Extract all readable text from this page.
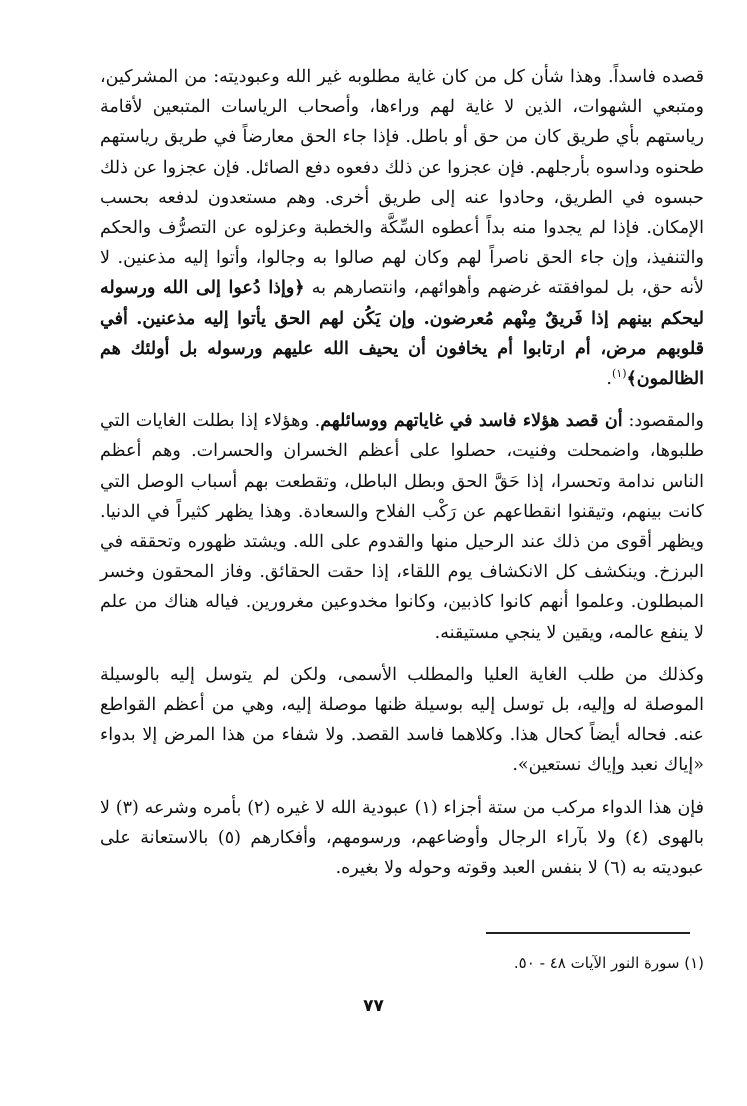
قصده فاسداً. وهذا شأن كل من كان غاية مطلوبه غير الله وعبوديته: من المشركين، ومتبعي الشهوات، الذين لا غاية لهم وراءها، وأصحاب الرياسات المتبعين لأقامة رياستهم بأي طريق كان من حق أو باطل. فإذا جاء الحق معارضاً في طريق رياستهم طحنوه وداسوه بأرجلهم. فإن عجزوا عن ذلك دفعوه دفع الصائل. فإن عجزوا عن ذلك حبسوه في الطريق، وحادوا عنه إلى طريق أخرى. وهم مستعدون لدفعه بحسب الإمكان. فإذا لم يجدوا منه بداً أعطوه السِّكَّة والخطبة وعزلوه عن التصرُّف والحكم والتنفيذ، وإن جاء الحق ناصراً لهم وكان لهم صالوا به وجالوا، وأتوا إليه مذعنين. لا لأنه حق، بل لموافقته غرضهم وأهوائهم، وانتصارهم به ﴿وإذا دُعوا إلى الله ورسوله ليحكم بينهم إذا فَريقٌ مِنْهم مُعرضون. وإن يَكُن لهم الحق يأتوا إليه مذعنين. أفي قلوبهم مرض، أم ارتابوا أم يخافون أن يحيف الله عليهم ورسوله بل أولئك هم الظالمون﴾$^{(١)}$.

والمقصود: أن قصد هؤلاء فاسد في غاياتهم ووسائلهم. وهؤلاء إذا بطلت الغايات التي طلبوها، واضمحلت وفنيت، حصلوا على أعظم الخسران والحسرات. وهم أعظم الناس ندامة وتحسرا، إذا حَقَّ الحق وبطل الباطل، وتقطعت بهم أسباب الوصل التي كانت بينهم، وتيقنوا انقطاعهم عن رَكْب الفلاح والسعادة. وهذا يظهر كثيراً في الدنيا. ويظهر أقوى من ذلك عند الرحيل منها والقدوم على الله. ويشتد ظهوره وتحققه في البرزخ. وينكشف كل الانكشاف يوم اللقاء، إذا حقت الحقائق. وفاز المحقون وخسر المبطلون. وعلموا أنهم كانوا كاذبين، وكانوا مخدوعين مغرورين. فياله هناك من علم لا ينفع عالمه، ويقين لا ينجي مستيقنه.

وكذلك من طلب الغاية العليا والمطلب الأسمى، ولكن لم يتوسل إليه بالوسيلة الموصلة له وإليه، بل توسل إليه بوسيلة ظنها موصلة إليه، وهي من أعظم القواطع عنه. فحاله أيضاً كحال هذا. وكلاهما فاسد القصد. ولا شفاء من هذا المرض إلا بدواء «إياك نعبد وإياك نستعين».

فإن هذا الدواء مركب من ستة أجزاء (١) عبودية الله لا غيره (٢) بأمره وشرعه (٣) لا بالهوى (٤) ولا بآراء الرجال وأوضاعهم، ورسومهم، وأفكارهم (٥) بالاستعانة على عبوديته به (٦) لا بنفس العبد وقوته وحوله ولا بغيره.

(١) سورة النور الآيات ٤٨ - ٥٠.
٧٧
